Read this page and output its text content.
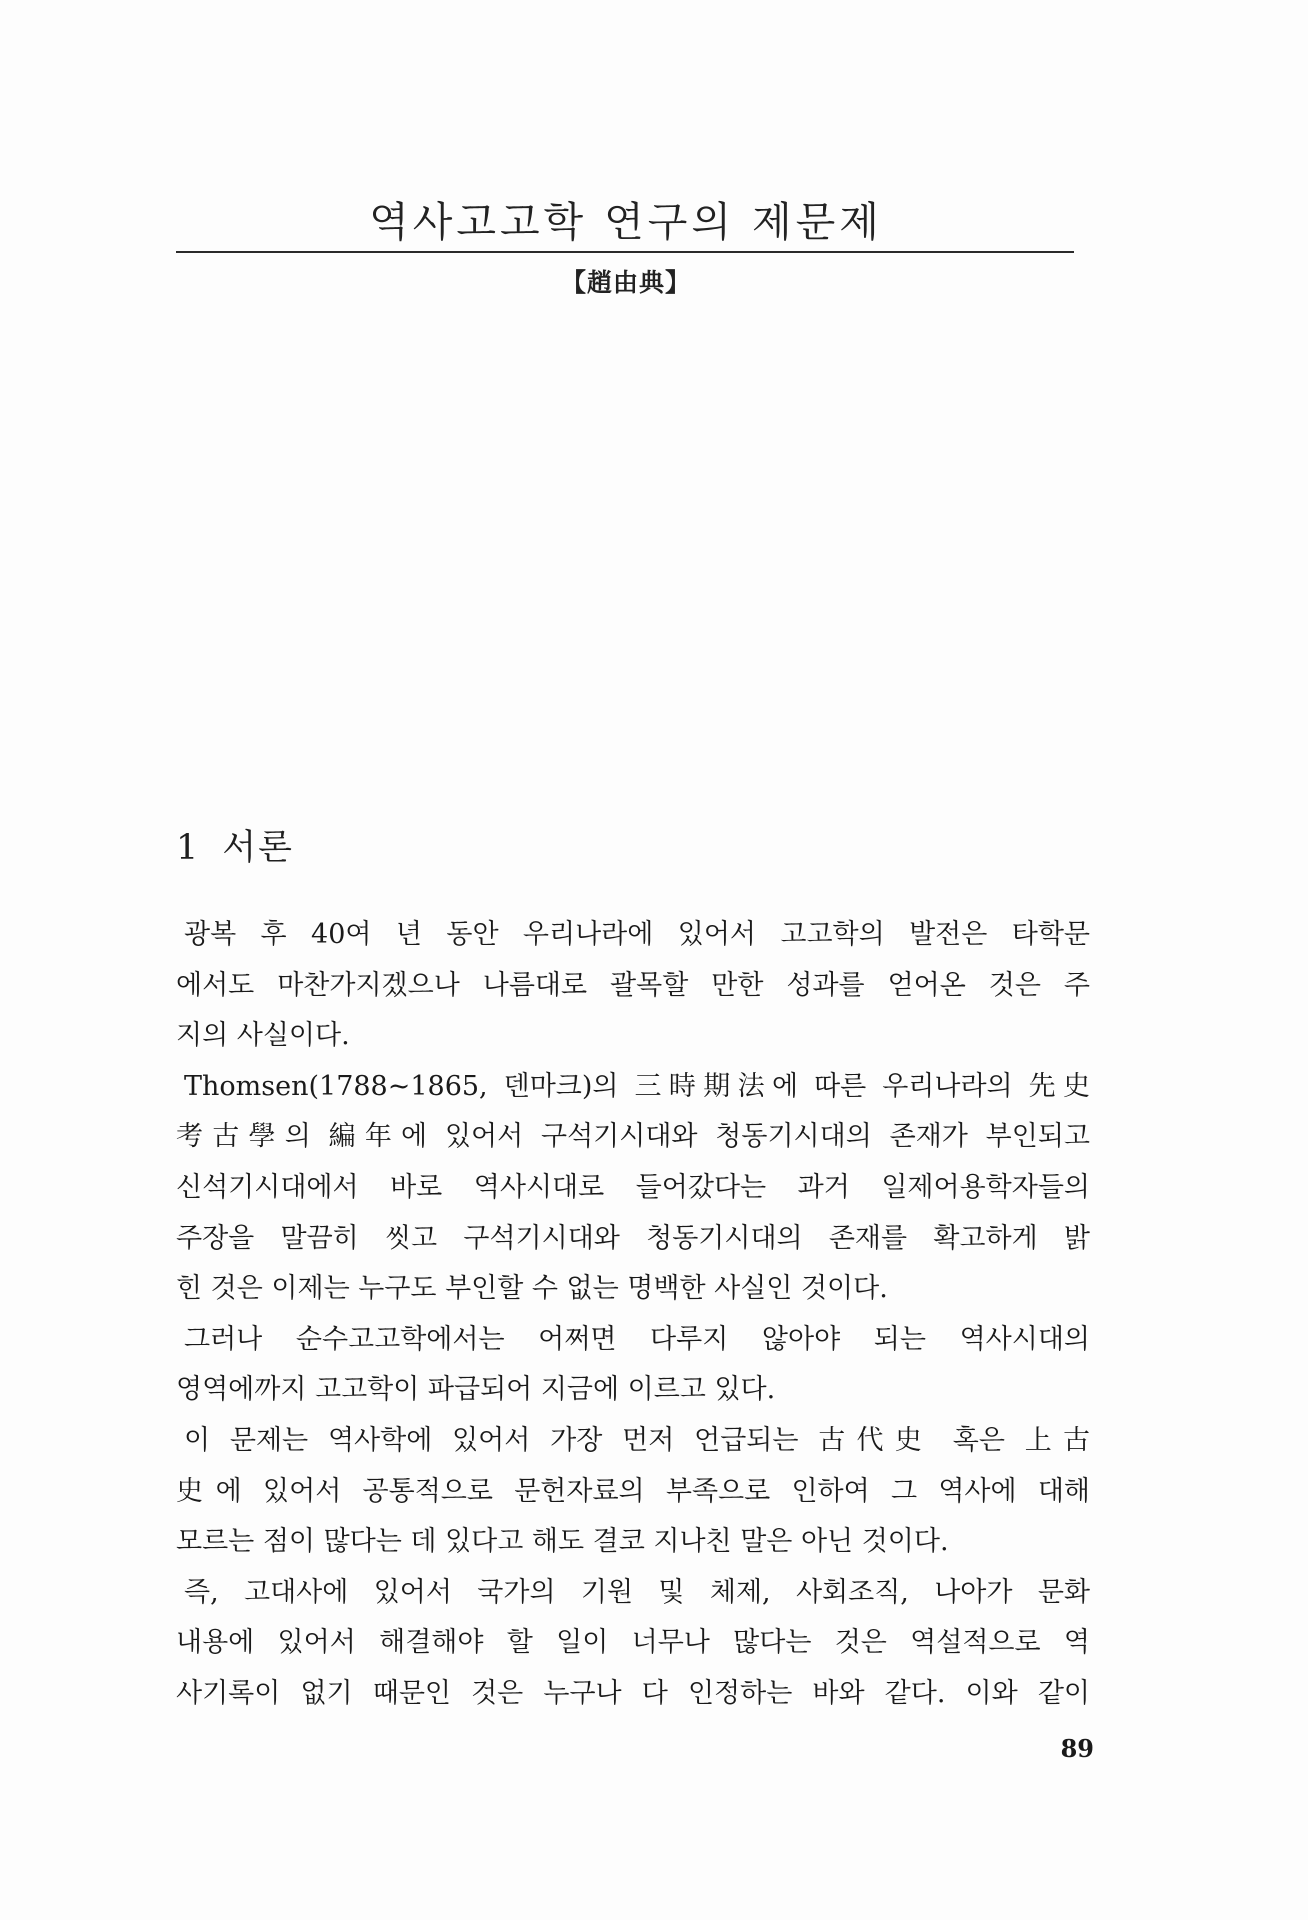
역사고고학 연구의 제문제
【趙由典】
1 서론
광복 후 40여 년 동안 우리나라에 있어서 고고학의 발전은 타학문
에서도 마찬가지겠으나 나름대로 괄목할 만한 성과를 얻어온 것은 주
지의 사실이다.
Thomsen(1788~1865, 덴마크)의 三時期法에 따른 우리나라의 先史
考古學의 編年에 있어서 구석기시대와 청동기시대의 존재가 부인되고
신석기시대에서 바로 역사시대로 들어갔다는 과거 일제어용학자들의
주장을 말끔히 씻고 구석기시대와 청동기시대의 존재를 확고하게 밝
힌 것은 이제는 누구도 부인할 수 없는 명백한 사실인 것이다.
그러나 순수고고학에서는 어쩌면 다루지 않아야 되는 역사시대의
영역에까지 고고학이 파급되어 지금에 이르고 있다.
이 문제는 역사학에 있어서 가장 먼저 언급되는 古代史 혹은 上古
史에 있어서 공통적으로 문헌자료의 부족으로 인하여 그 역사에 대해
모르는 점이 많다는 데 있다고 해도 결코 지나친 말은 아닌 것이다.
즉, 고대사에 있어서 국가의 기원 및 체제, 사회조직, 나아가 문화
내용에 있어서 해결해야 할 일이 너무나 많다는 것은 역설적으로 역
사기록이 없기 때문인 것은 누구나 다 인정하는 바와 같다. 이와 같이
89
